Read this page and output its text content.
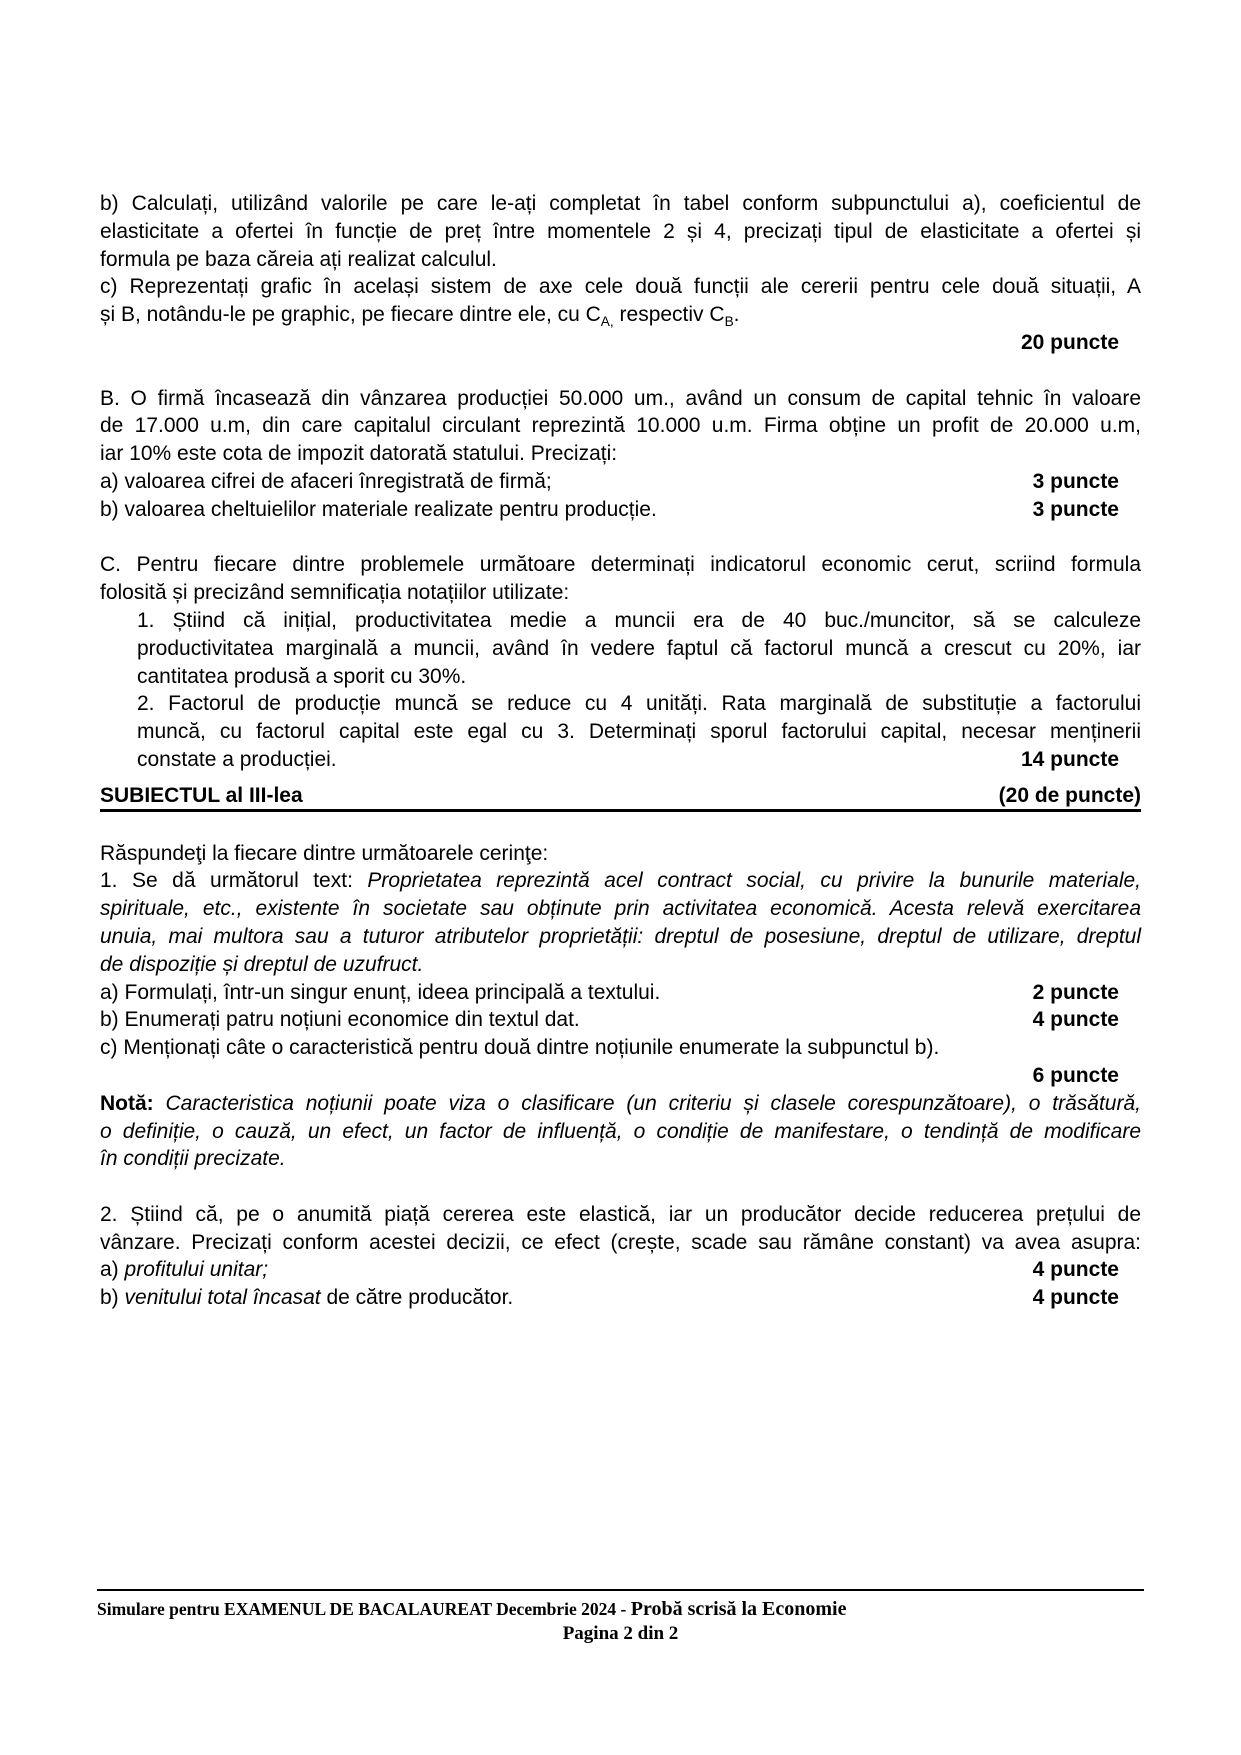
b) Calculați, utilizând valorile pe care le-ați completat în tabel conform subpunctului a), coeficientul de
elasticitate a ofertei în funcție de preț între momentele 2 și 4, precizați tipul de elasticitate a ofertei și
formula pe baza căreia ați realizat calculul.
c) Reprezentați grafic în același sistem de axe cele două funcții ale cererii pentru cele două situații, A
și B, notându-le pe graphic, pe fiecare dintre ele, cu $C_{A,}$ respectiv $C_B$.
20 puncte
B. O firmă încasează din vânzarea producției 50.000 um., având un consum de capital tehnic în valoare
de 17.000 u.m, din care capitalul circulant reprezintă 10.000 u.m. Firma obține un profit de 20.000 u.m,
iar 10% este cota de impozit datorată statului. Precizați:
a) valoarea cifrei de afaceri înregistrată de firmă;	3 puncte
b) valoarea cheltuielilor materiale realizate pentru producție.	3 puncte
C. Pentru fiecare dintre problemele următoare determinați indicatorul economic cerut, scriind formula
folosită și precizând semnificația notațiilor utilizate:
1. Știind că inițial, productivitatea medie a muncii era de 40 buc./muncitor, să se calculeze
productivitatea marginală a muncii, având în vedere faptul că factorul muncă a crescut cu 20%, iar
cantitatea produsă a sporit cu 30%.
2. Factorul de producție muncă se reduce cu 4 unități. Rata marginală de substituție a factorului
muncă, cu factorul capital este egal cu 3. Determinați sporul factorului capital, necesar menținerii
constate a producției.	14 puncte
SUBIECTUL al III-lea	(20 de puncte)
Răspundeţi la fiecare dintre următoarele cerinţe:
1. Se dă următorul text: Proprietatea reprezintă acel contract social, cu privire la bunurile materiale,
spirituale, etc., existente în societate sau obținute prin activitatea economică. Acesta relevă exercitarea
unuia, mai multora sau a tuturor atributelor proprietății: dreptul de posesiune, dreptul de utilizare, dreptul
de dispoziție și dreptul de uzufruct.
a) Formulați, într-un singur enunț, ideea principală a textului.	2 puncte
b) Enumerați patru noțiuni economice din textul dat.	4 puncte
c) Menționați câte o caracteristică pentru două dintre noțiunile enumerate la subpunctul b).
6 puncte
Notă: Caracteristica noțiunii poate viza o clasificare (un criteriu și clasele corespunzătoare), o trăsătură,
o definiție, o cauză, un efect, un factor de influență, o condiție de manifestare, o tendință de modificare
în condiții precizate.
2. Știind că, pe o anumită piață cererea este elastică, iar un producător decide reducerea prețului de
vânzare. Precizați conform acestei decizii, ce efect (crește, scade sau rămâne constant) va avea asupra:
a) profitului unitar;	4 puncte
b) venitului total încasat de către producător.	4 puncte
Simulare pentru EXAMENUL DE BACALAUREAT Decembrie 2024 - Probă scrisă la Economie
Pagina 2 din 2
